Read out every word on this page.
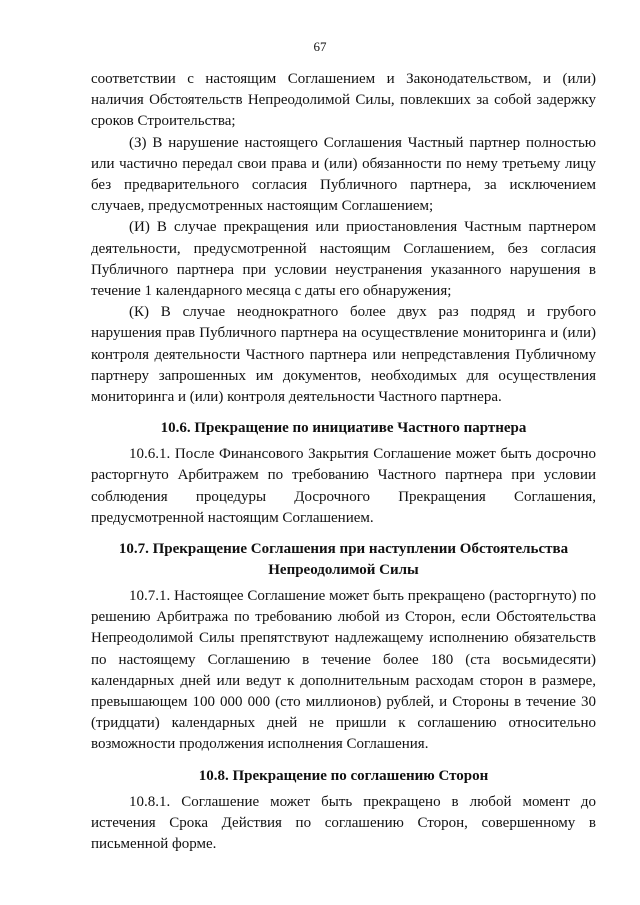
67

соответствии с настоящим Соглашением и Законодательством, и (или) наличия Обстоятельств Непреодолимой Силы, повлекших за собой задержку сроков Строительства;

(З) В нарушение настоящего Соглашения Частный партнер полностью или частично передал свои права и (или) обязанности по нему третьему лицу без предварительного согласия Публичного партнера, за исключением случаев, предусмотренных настоящим Соглашением;

(И) В случае прекращения или приостановления Частным партнером деятельности, предусмотренной настоящим Соглашением, без согласия Публичного партнера при условии неустранения указанного нарушения в течение 1 календарного месяца с даты его обнаружения;

(К) В случае неоднократного более двух раз подряд и грубого нарушения прав Публичного партнера на осуществление мониторинга и (или) контроля деятельности Частного партнера или непредставления Публичному партнеру запрошенных им документов, необходимых для осуществления мониторинга и (или) контроля деятельности Частного партнера.

10.6. Прекращение по инициативе Частного партнера

10.6.1. После Финансового Закрытия Соглашение может быть досрочно расторгнуто Арбитражем по требованию Частного партнера при условии соблюдения процедуры Досрочного Прекращения Соглашения, предусмотренной настоящим Соглашением.

10.7. Прекращение Соглашения при наступлении Обстоятельства
Непреодолимой Силы

10.7.1. Настоящее Соглашение может быть прекращено (расторгнуто) по решению Арбитража по требованию любой из Сторон, если Обстоятельства Непреодолимой Силы препятствуют надлежащему исполнению обязательств по настоящему Соглашению в течение более 180 (ста восьмидесяти) календарных дней или ведут к дополнительным расходам сторон в размере, превышающем 100 000 000 (сто миллионов) рублей, и Стороны в течение 30 (тридцати) календарных дней не пришли к соглашению относительно возможности продолжения исполнения Соглашения.

10.8. Прекращение по соглашению Сторон

10.8.1. Соглашение может быть прекращено в любой момент до истечения Срока Действия по соглашению Сторон, совершенному в письменной форме.
